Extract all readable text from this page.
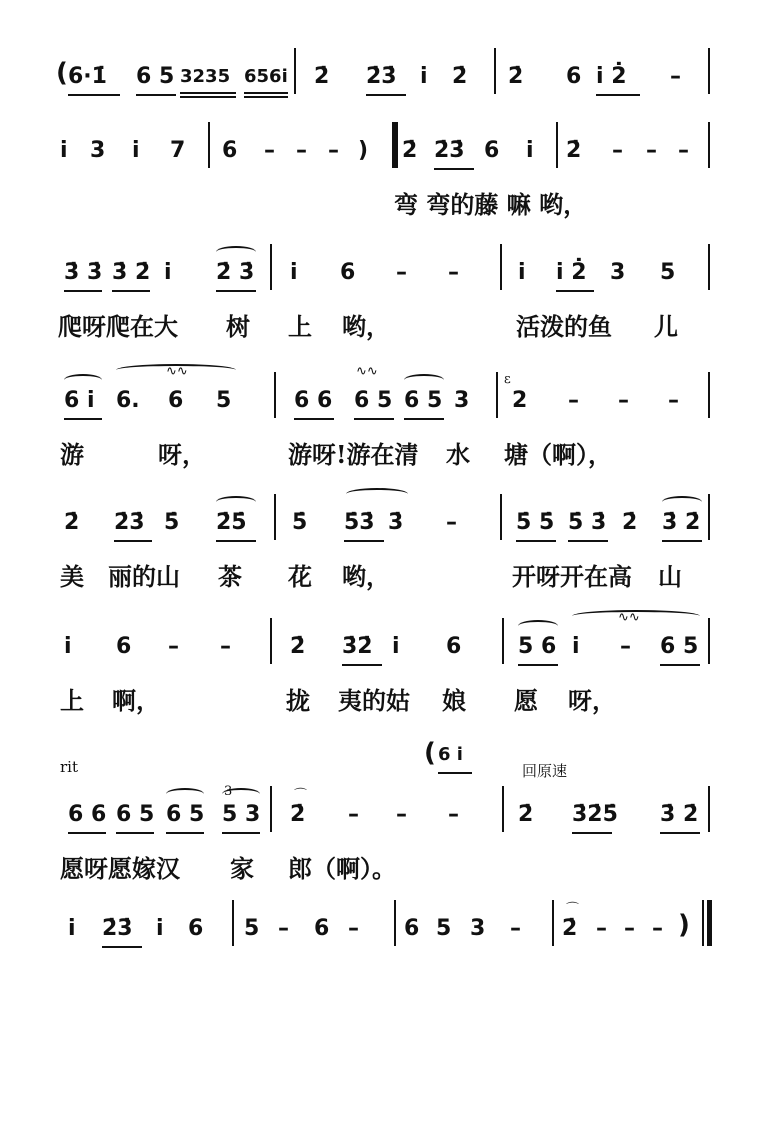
( 6·1̇ 6 5 3235 656i 2̇ 2̇3̇ i 2̇ 2̇ 6 i 2̇ –
i 3 i 7 6 – – – ) 2̇ 2̇3̇ 6 i 2̇ – – –
弯 弯的藤 嘛 哟，
3̇ 3̇ 3̇ 2̇ i 2̇ 3̇ i 6 – –	i i 2̇ 3 5
爬呀爬在大 树 上 哟，	活泼的鱼 儿
6 i 6. 6 5	6 6 6 5 6 5 3
ε
2 – – –
∿∿	∿∿
游	呀，	游呀!游在清 水 塘（啊），
2̇ 2̇3̇ 5̇ 2̇5̇ 5̇ 5̇3̇ 3̇ –	5̇ 5̇ 5̇ 3̇ 2̇ 3̇ 2̇
美 丽的山 茶 花 哟，	开呀开在高 山
i 6 – –	2̇ 3̇2̇ i 6	5 6 i – 6 5
∿∿
上 啊，	拢 夷的姑 娘 愿 呀，
rit	( 6 i
回原速
6 6 6 5 6 5 5 3
3
2̇
⌒
– – –	2̇ 3̇2̇5̇ 3̇ 2̇
愿呀愿嫁汉 家 郎（啊）。
i 2̇3̇ i 6 5 – 6 – 6 5 3 – 2̇
⌒
– – – )
